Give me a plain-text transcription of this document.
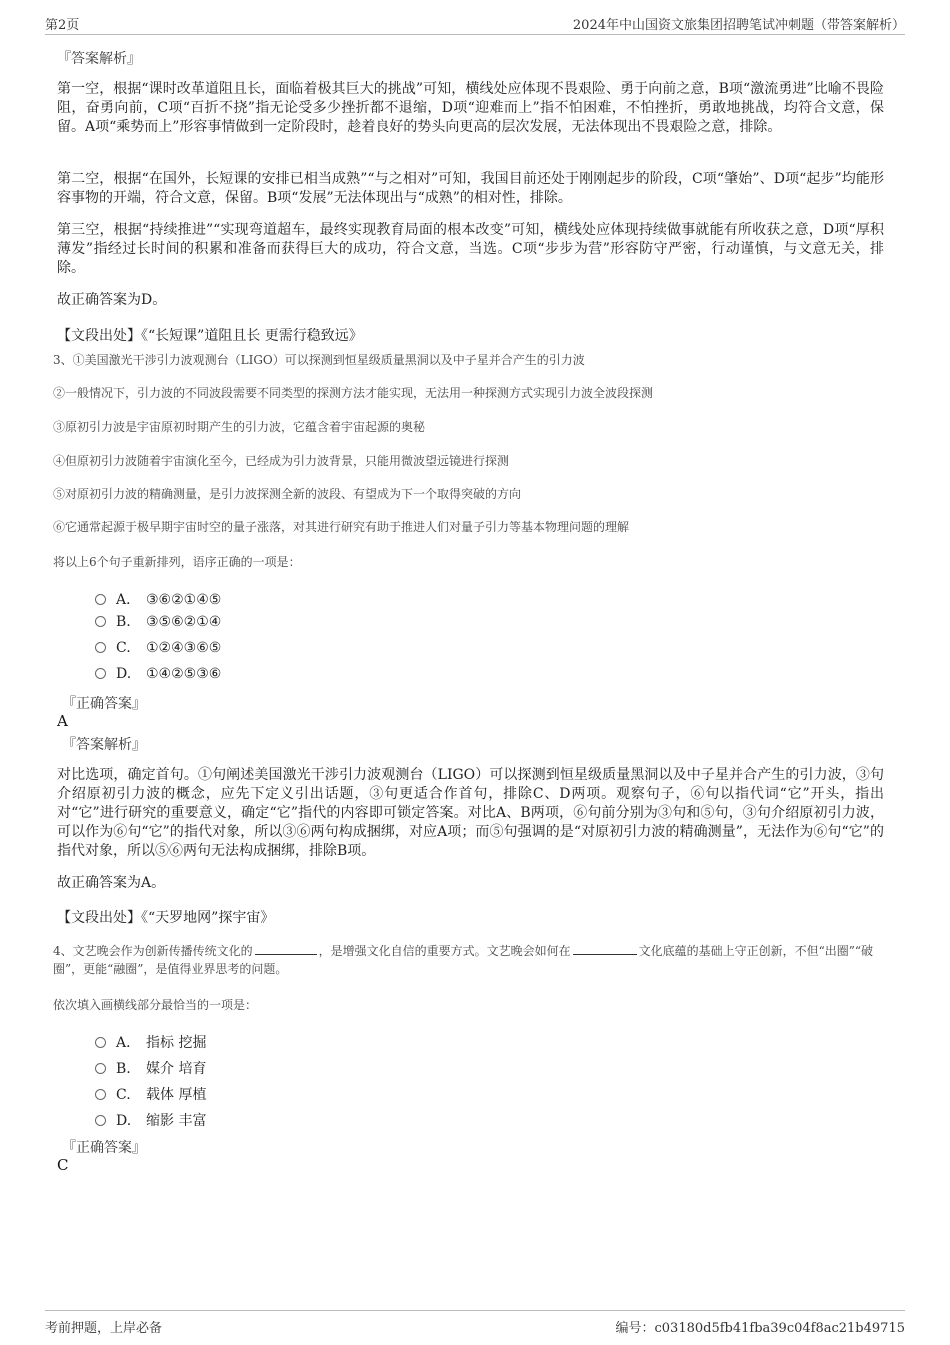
第2页	2024年中山国资文旅集团招聘笔试冲刺题（带答案解析）
『答案解析』
第一空，根据“课时改革道阻且长，面临着极其巨大的挑战”可知，横线处应体现不畏艰险、勇于向前之意，B项“激流勇进”比喻不畏险阻，奋勇向前，C项“百折不挠”指无论受多少挫折都不退缩，D项“迎难而上”指不怕困难，不怕挫折，勇敢地挑战，均符合文意，保留。A项“乘势而上”形容事情做到一定阶段时，趁着良好的势头向更高的层次发展，无法体现出不畏艰险之意，排除。
第二空，根据“在国外，长短课的安排已相当成熟”“与之相对”可知，我国目前还处于刚刚起步的阶段，C项“肇始”、D项“起步”均能形容事物的开端，符合文意，保留。B项“发展”无法体现出与“成熟”的相对性，排除。
第三空，根据“持续推进”“实现弯道超车，最终实现教育局面的根本改变”可知，横线处应体现持续做事就能有所收获之意，D项“厚积薄发”指经过长时间的积累和准备而获得巨大的成功，符合文意，当选。C项“步步为营”形容防守严密，行动谨慎，与文意无关，排除。
故正确答案为D。
【文段出处】《“长短课”道阻且长 更需行稳致远》
3、①美国激光干涉引力波观测台（LIGO）可以探测到恒星级质量黑洞以及中子星并合产生的引力波
②一般情况下，引力波的不同波段需要不同类型的探测方法才能实现，无法用一种探测方式实现引力波全波段探测
③原初引力波是宇宙原初时期产生的引力波，它蕴含着宇宙起源的奥秘
④但原初引力波随着宇宙演化至今，已经成为引力波背景，只能用微波望远镜进行探测
⑤对原初引力波的精确测量，是引力波探测全新的波段、有望成为下一个取得突破的方向
⑥它通常起源于极早期宇宙时空的量子涨落，对其进行研究有助于推进人们对量子引力等基本物理问题的理解
将以上6个句子重新排列，语序正确的一项是：
A． ③⑥②①④⑤
B. ③⑤⑥②①④
C. ①②④③⑥⑤
D. ①④②⑤③⑥
『正确答案』
A
『答案解析』
对比选项，确定首句。①句阐述美国激光干涉引力波观测台（LIGO）可以探测到恒星级质量黑洞以及中子星并合产生的引力波，③句介绍原初引力波的概念，应先下定义引出话题，③句更适合作首句，排除C、D两项。观察句子，⑥句以指代词“它”开头，指出对“它”进行研究的重要意义，确定“它”指代的内容即可锁定答案。对比A、B两项，⑥句前分别为③句和⑤句，③句介绍原初引力波，可以作为⑥句“它”的指代对象，所以③⑥两句构成捆绑，对应A项；而⑤句强调的是“对原初引力波的精确测量”，无法作为⑥句“它”的指代对象，所以⑤⑥两句无法构成捆绑，排除B项。
故正确答案为A。
【文段出处】《“天罗地网”探宇宙》
4、文艺晚会作为创新传播传统文化的	，是增强文化自信的重要方式。文艺晚会如何在	文化底蕴的基础上守正创新，不但“出圈”“破圈”，更能“融圈”，是值得业界思考的问题。
依次填入画横线部分最恰当的一项是：
A． 指标 挖掘
B. 媒介 培育
C. 载体 厚植
D. 缩影 丰富
『正确答案』
C
考前押题，上岸必备	编号：c03180d5fb41fba39c04f8ac21b49715
